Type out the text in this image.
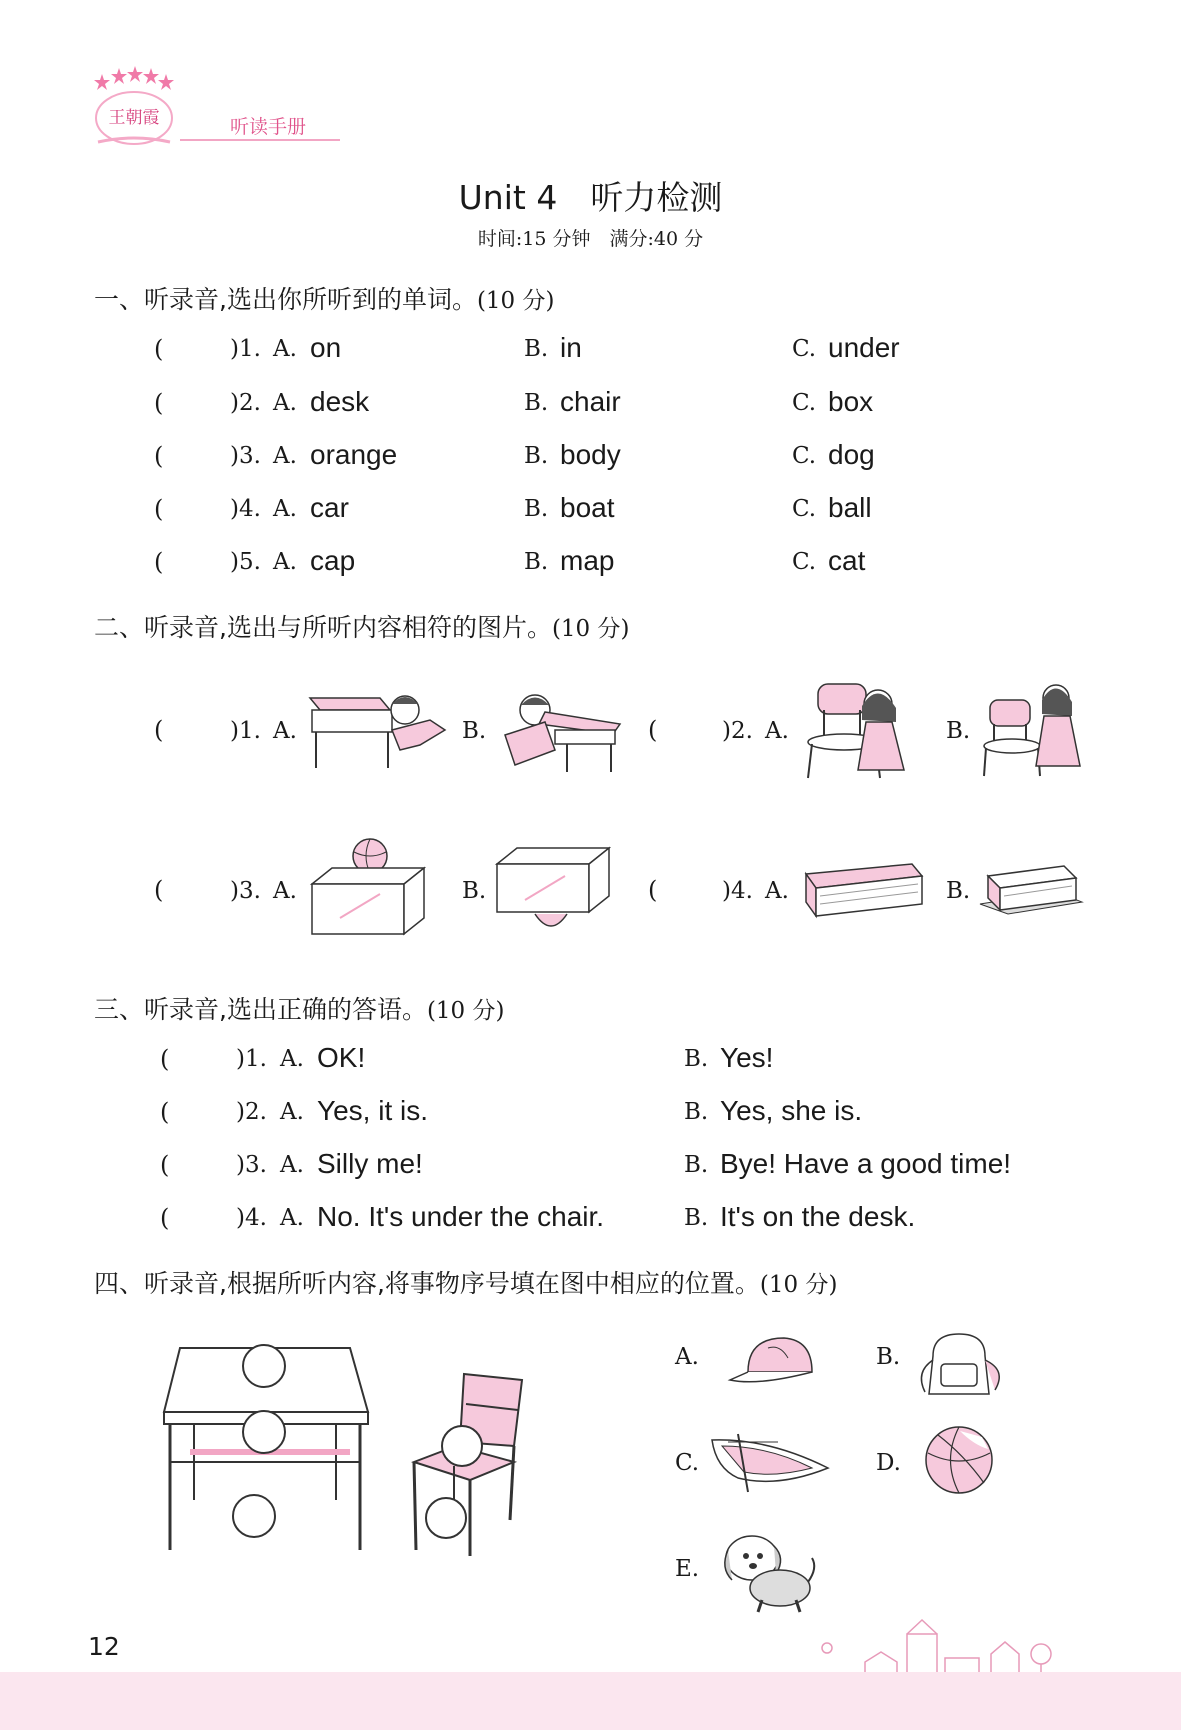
王朝霞	听读手册
Unit 4　听力检测
时间:15 分钟　满分:40 分
一、听录音,选出你所听到的单词。(10 分)
(	)1. A. on	B. in	C. under
(	)2. A. desk	B. chair	C. box
(	)3. A. orange	B. body	C. dog
(	)4. A. car	B. boat	C. ball
(	)5. A. cap	B. map	C. cat
二、听录音,选出与所听内容相符的图片。(10 分)
(	)1. A.	B.	(	)2. A.	B.
(	)3. A.	B.	(	)4. A.	B.
三、听录音,选出正确的答语。(10 分)
(	)1. A. OK!	B. Yes!
(	)2. A. Yes, it is.	B. Yes, she is.
(	)3. A. Silly me!	B. Bye! Have a good time!
(	)4. A. No. It's under the chair.	B. It's on the desk.
四、听录音,根据所听内容,将事物序号填在图中相应的位置。(10 分)
A.	B.
C.	D.
E.
12
